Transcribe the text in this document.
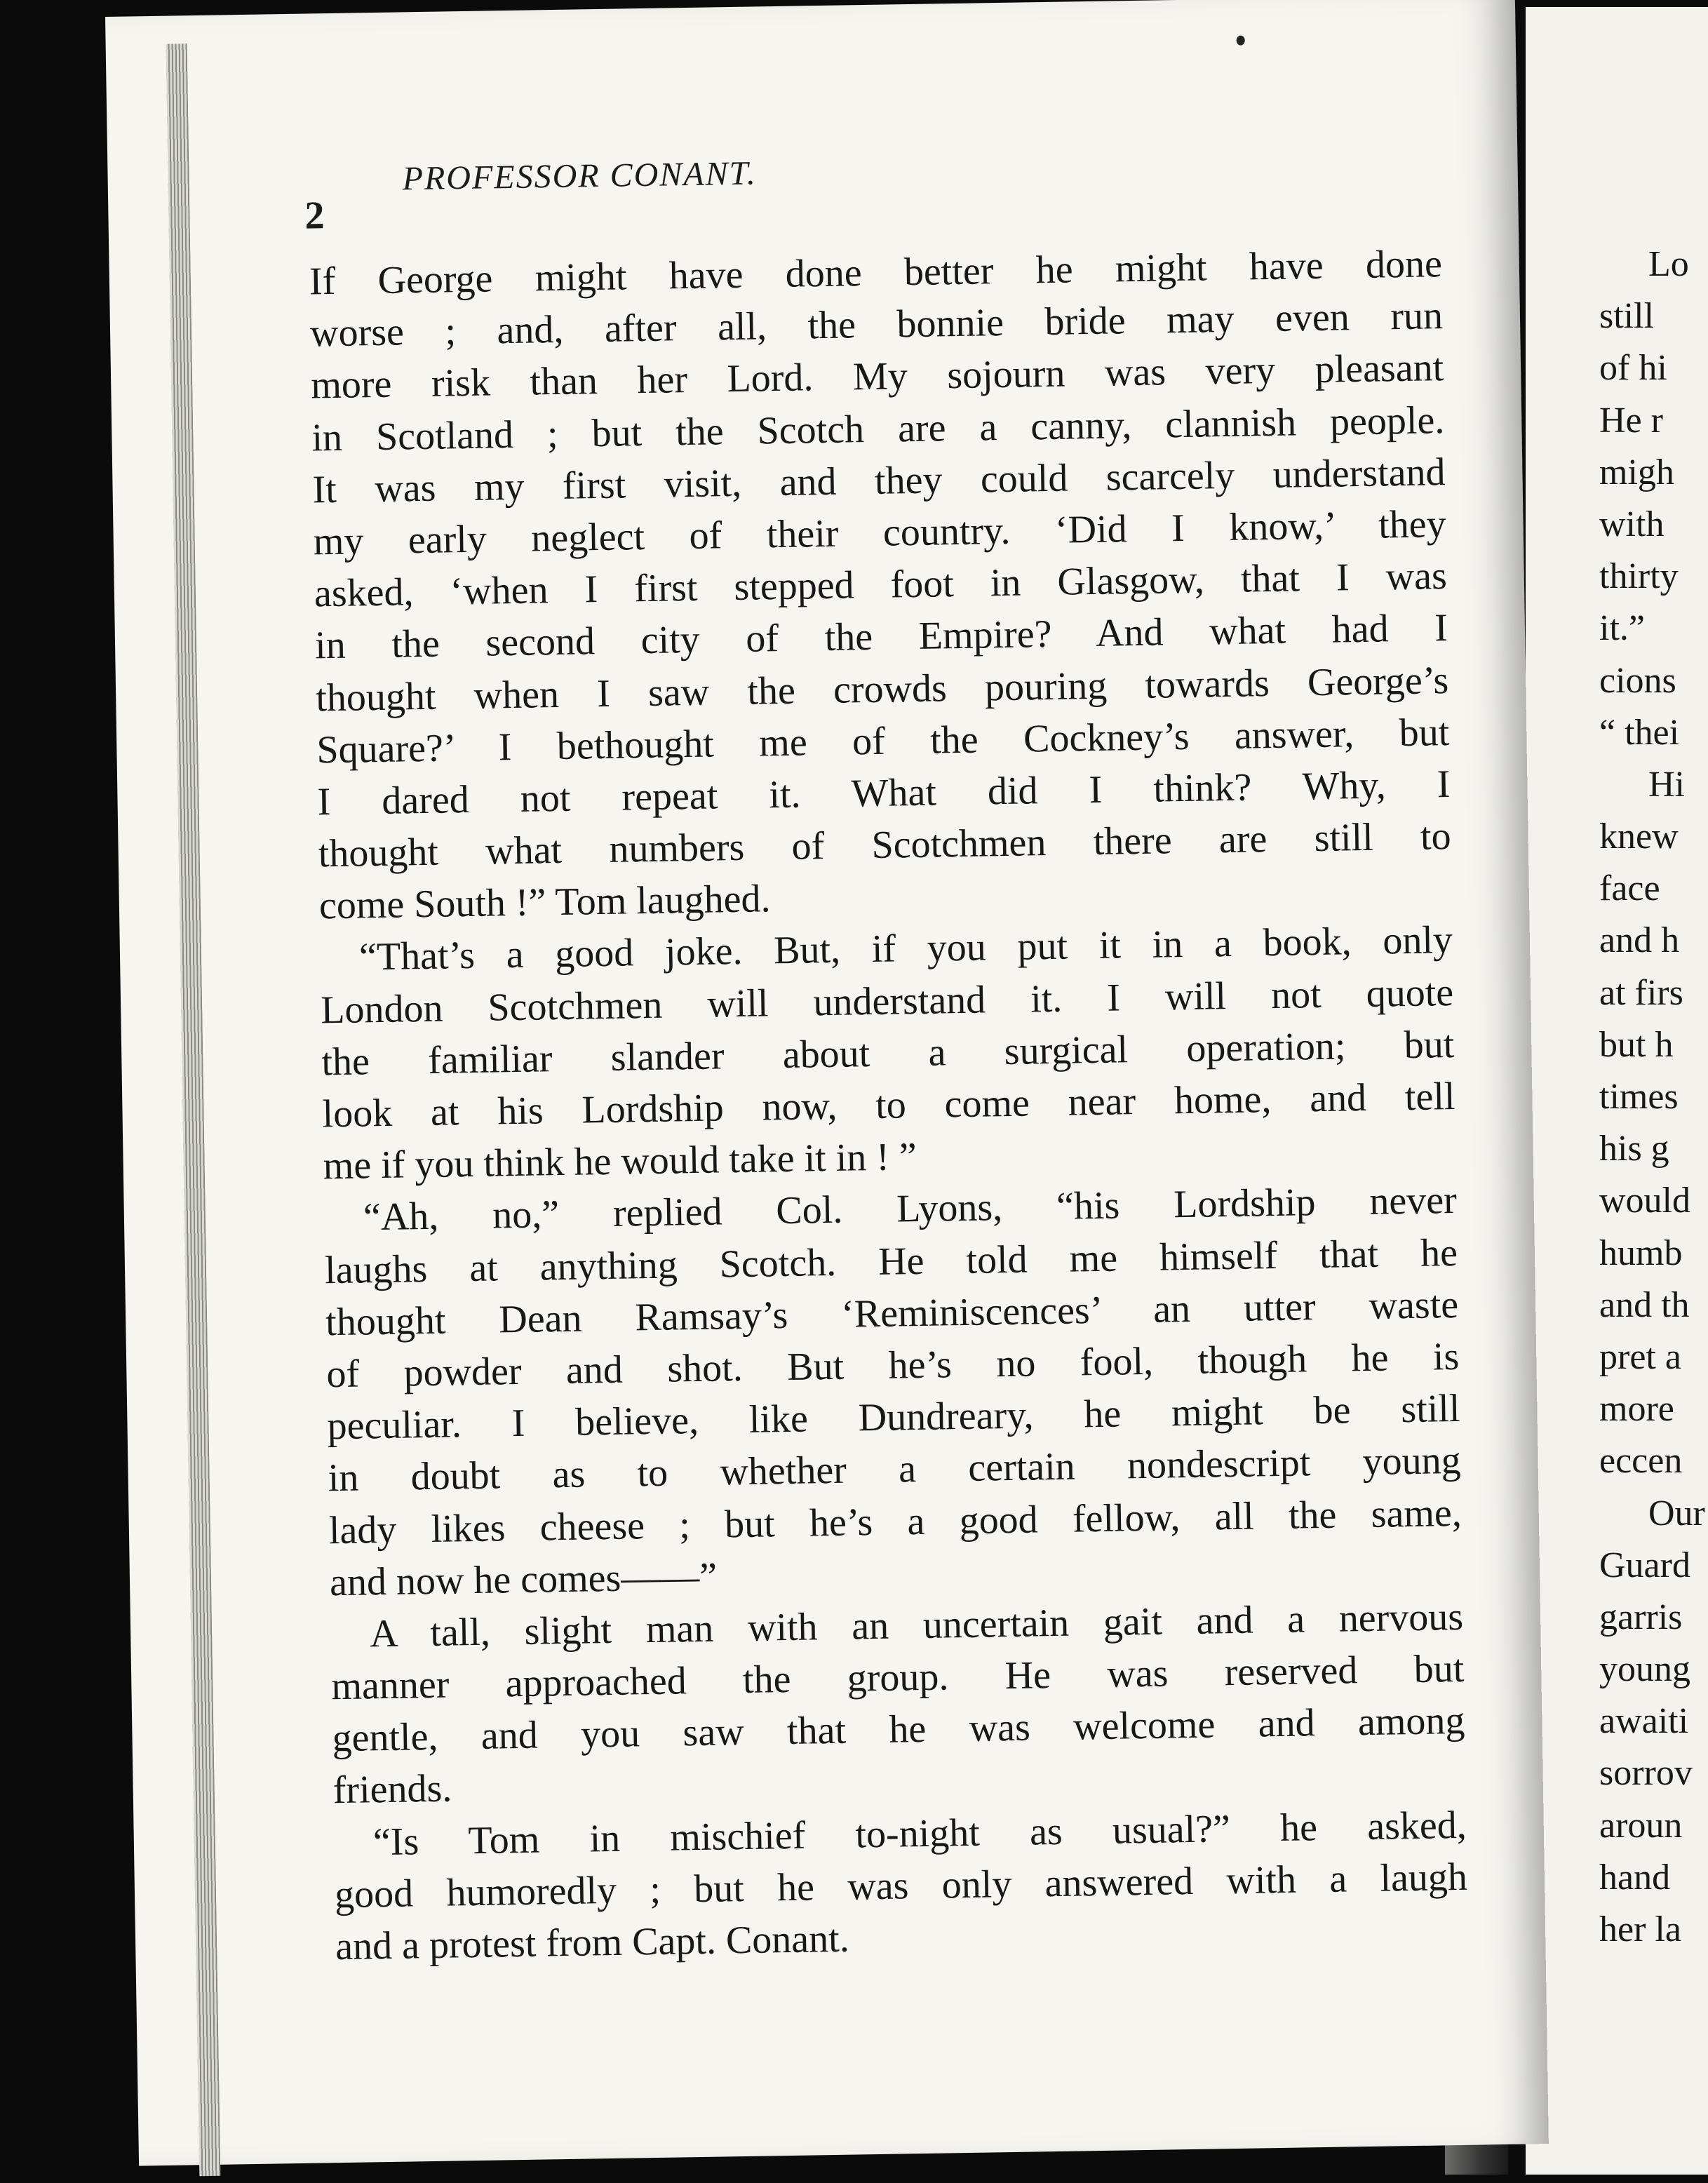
PROFESSOR CONANT.
2
If George might have done better he might have done
worse ; and, after all, the bonnie bride may even run
more risk than her Lord. My sojourn was very pleasant
in Scotland ; but the Scotch are a canny, clannish people.
It was my first visit, and they could scarcely understand
my early neglect of their country. ‘Did I know,’ they
asked, ‘when I first stepped foot in Glasgow, that I was
in the second city of the Empire? And what had I
thought when I saw the crowds pouring towards George’s
Square?’ I bethought me of the Cockney’s answer, but
I dared not repeat it. What did I think? Why, I
thought what numbers of Scotchmen there are still to
come South !” Tom laughed.
“That’s a good joke. But, if you put it in a book, only
London Scotchmen will understand it. I will not quote
the familiar slander about a surgical operation; but
look at his Lordship now, to come near home, and tell
me if you think he would take it in ! ”
“Ah, no,” replied Col. Lyons, “his Lordship never
laughs at anything Scotch. He told me himself that he
thought Dean Ramsay’s ‘Reminiscences’ an utter waste
of powder and shot. But he’s no fool, though he is
peculiar. I believe, like Dundreary, he might be still
in doubt as to whether a certain nondescript young
lady likes cheese ; but he’s a good fellow, all the same,
and now he comes——”
A tall, slight man with an uncertain gait and a nervous
manner approached the group. He was reserved but
gentle, and you saw that he was welcome and among
friends.
“Is Tom in mischief to-night as usual?” he asked,
good humoredly ; but he was only answered with a laugh
and a protest from Capt. Conant.
Lo
still
of hi
He r
migh
with
thirty
it.”
cions
“ thei
Hi
knew
face
and h
at firs
but h
times
his g
would
humb
and th
pret a
more
eccen
Our
Guard
garris
young
awaiti
sorrov
aroun
hand
her la
